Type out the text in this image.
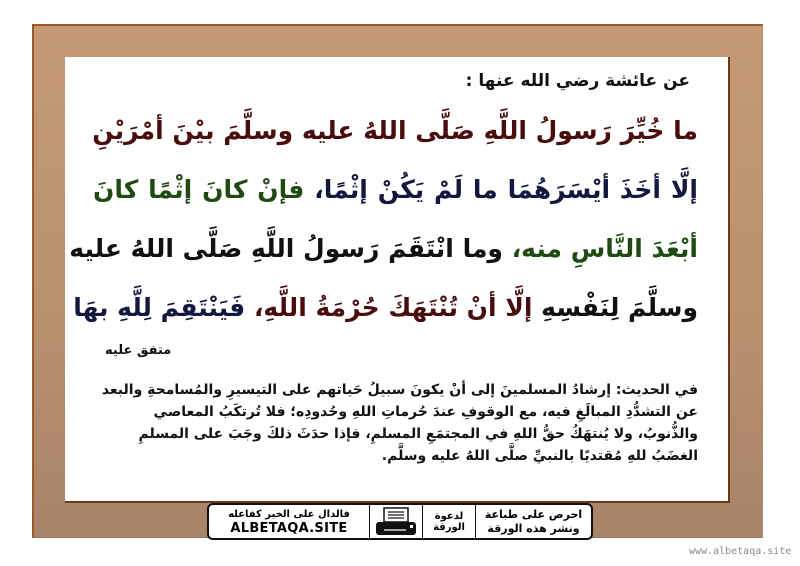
عن عائشة رضي الله عنها :
ما خُيِّرَ رَسولُ اللَّهِ صَلَّى اللهُ عليه وسلَّمَ بيْنَ أمْرَيْنِ
إلَّا أخَذَ أيْسَرَهُمَا ما لَمْ يَكُنْ إثْمًا، فإنْ كانَ إثْمًا كانَ
أبْعَدَ النَّاسِ منه، وما انْتَقَمَ رَسولُ اللَّهِ صَلَّى اللهُ عليه
وسلَّمَ لِنَفْسِهِ إلَّا أنْ تُنْتَهَكَ حُرْمَةُ اللَّهِ، فَيَنْتَقِمَ لِلَّهِ بهَا
متفق عليه
في الحديث: إرشادُ المسلمينَ إلى أنْ يكونَ سبيلُ حَياتهم على التيسيرِ والمُسامحةِ والبعد عن التشدُّدِ المبالَغِ فيه، مع الوقوفِ عندَ حُرماتِ اللهِ وحُدودِه؛ فلا تُرتكَبُ المعاصي والذُّنوبُ، ولا يُنتهَكُ حقُّ اللهِ في المجتمَعِ المسلمِ، فإذا حدَثَ ذلكَ وجَبَ على المسلمِ الغضَبُ للهِ مُقتديًا بالنبيِّ صلَّى اللهُ عليه وسلَّم.
فالدال على الخير كفاعله
ALBETAQA.SITE
لدعوة
الورقة
احرص على طباعة
ونشر هذه الورقة
www.albetaqa.site
